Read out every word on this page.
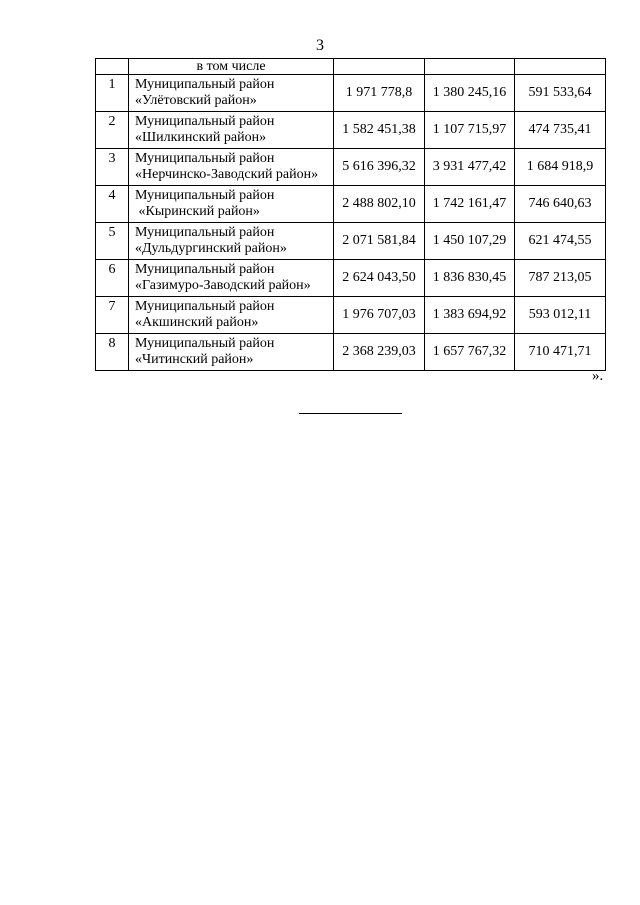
3
	в том числе			
1	Муниципальный район
«Улётовский район»	1 971 778,8	1 380 245,16	591 533,64
2	Муниципальный район
«Шилкинский район»	1 582 451,38	1 107 715,97	474 735,41
3	Муниципальный район
«Нерчинско-Заводский район»	5 616 396,32	3 931 477,42	1 684 918,9
4	Муниципальный район
«Кыринский район»	2 488 802,10	1 742 161,47	746 640,63
5	Муниципальный район
«Дульдургинский район»	2 071 581,84	1 450 107,29	621 474,55
6	Муниципальный район
«Газимуро-Заводский район»	2 624 043,50	1 836 830,45	787 213,05
7	Муниципальный район
«Акшинский район»	1 976 707,03	1 383 694,92	593 012,11
8	Муниципальный район
«Читинский район»	2 368 239,03	1 657 767,32	710 471,71
».
